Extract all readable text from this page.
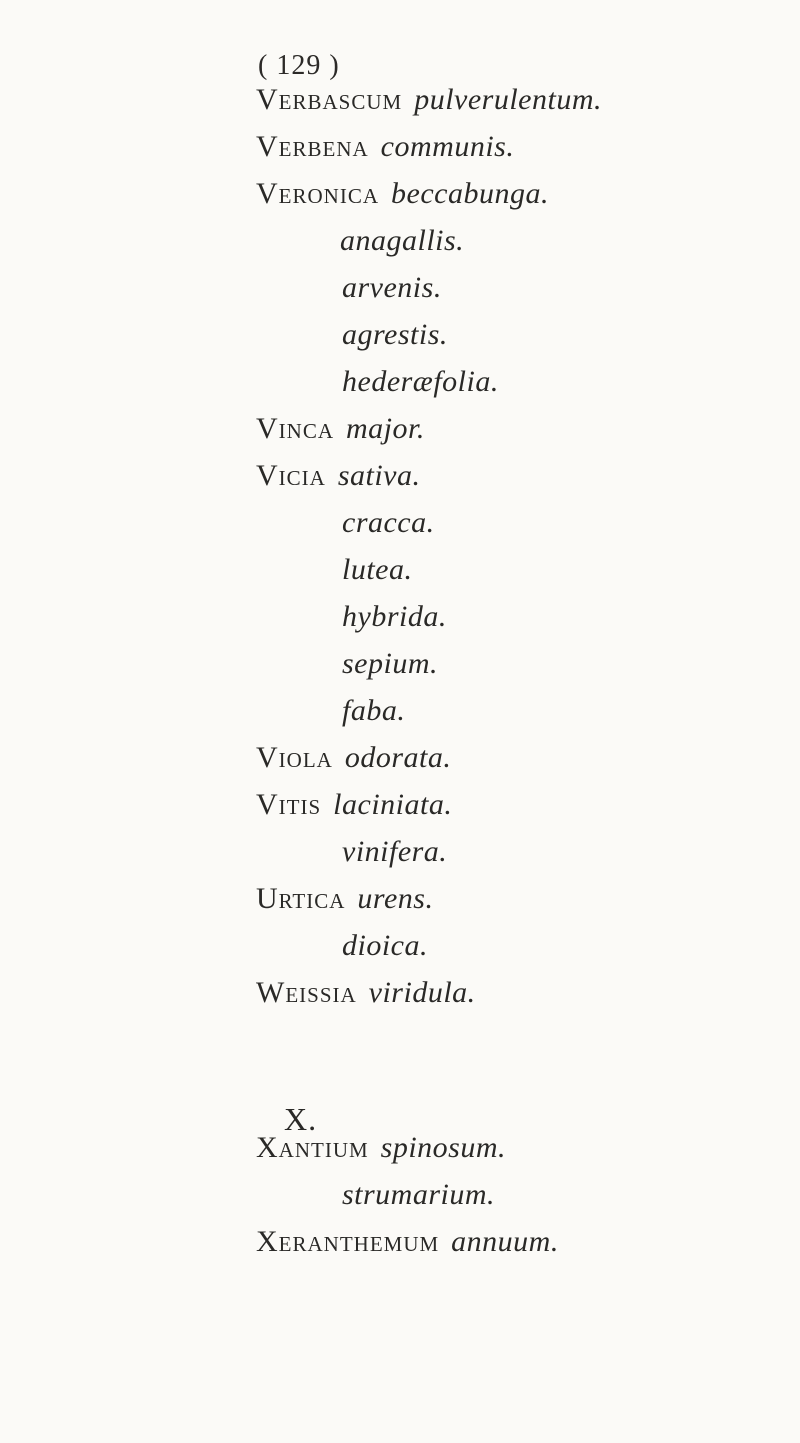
( 129 )
Verbascum pulverulentum.
Verbena communis.
Veronica beccabunga.
anagallis.
arvenis.
agrestis.
hederæfolia.
Vinca major.
Vicia sativa.
cracca.
lutea.
hybrida.
sepium.
faba.
Viola odorata.
Vitis laciniata.
vinifera.
Urtica urens.
dioica.
Weissia viridula.
X.
Xantium spinosum.
strumarium.
Xeranthemum annuum.
